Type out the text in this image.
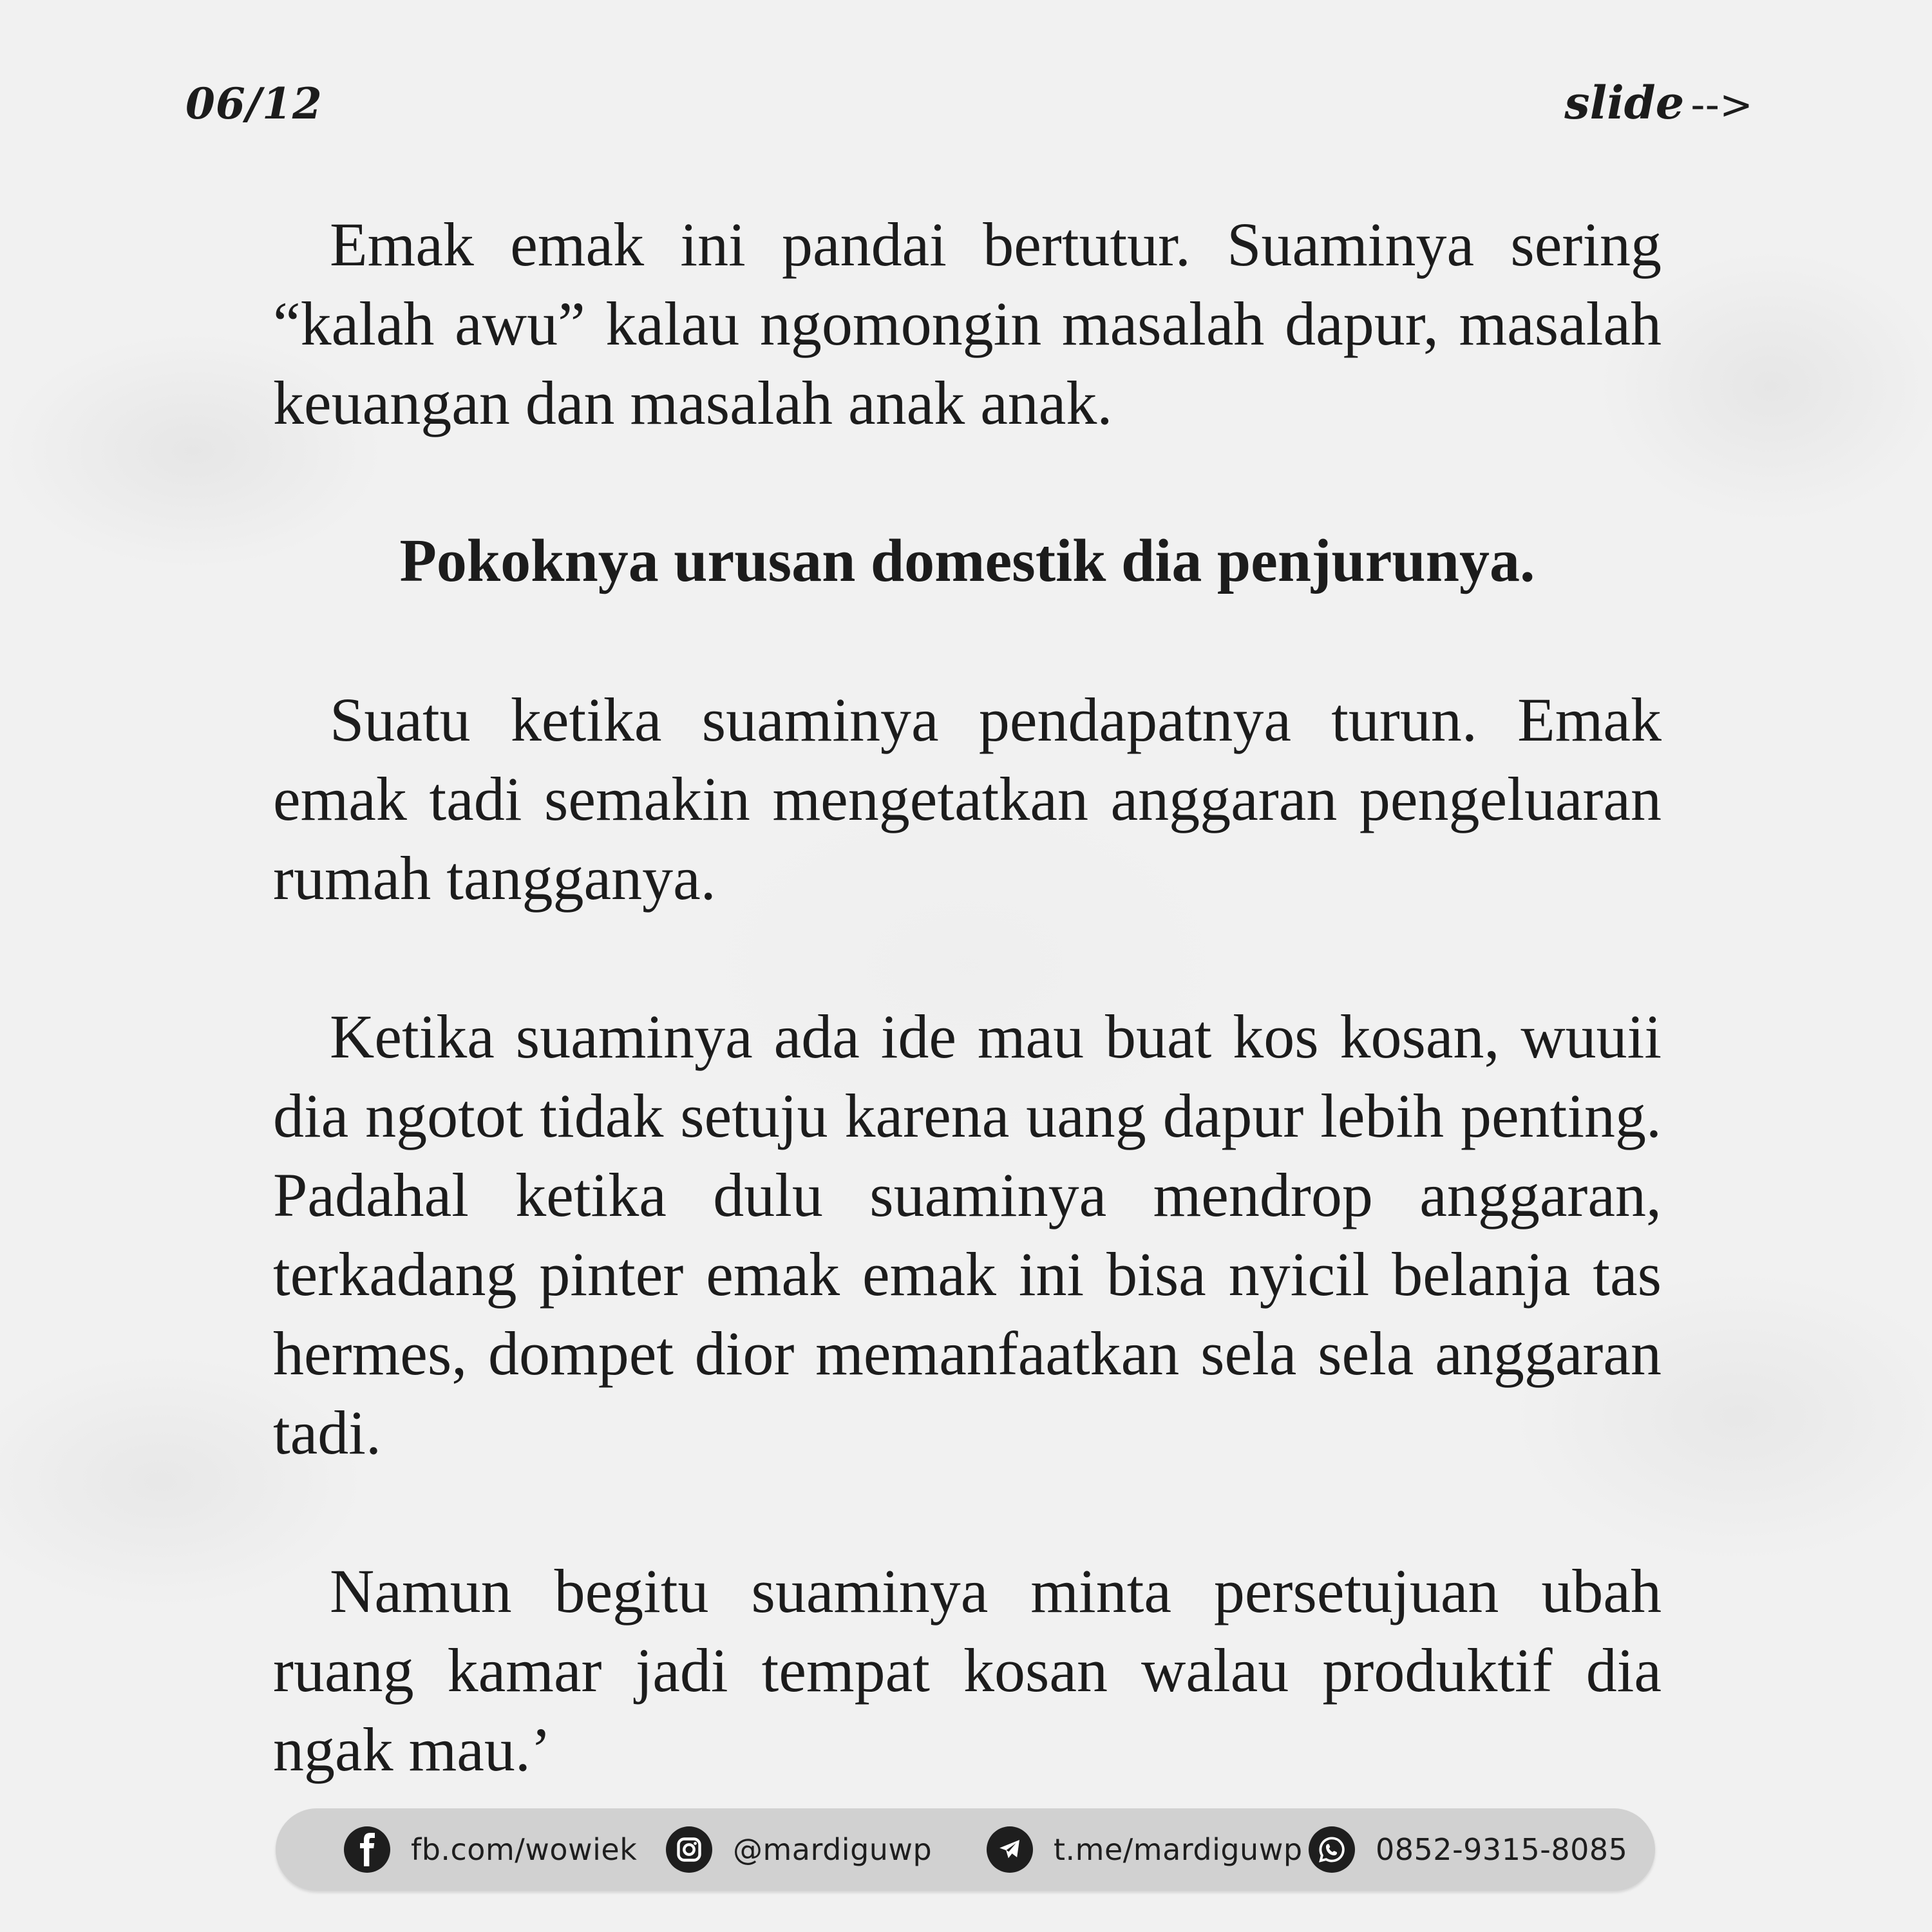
06/12	slide -->

Emak emak ini pandai bertutur. Suaminya sering “kalah awu” kalau ngomongin masalah dapur, masalah keuangan dan masalah anak anak.

Pokoknya urusan domestik dia penjurunya.

Suatu ketika suaminya pendapatnya turun. Emak emak tadi semakin mengetatkan anggaran pengeluaran rumah tangganya.

Ketika suaminya ada ide mau buat kos kosan, wuuii dia ngotot tidak setuju karena uang dapur lebih penting. Padahal ketika dulu suaminya mendrop anggaran, terkadang pinter emak emak ini bisa nyicil belanja tas hermes, dompet dior memanfaatkan sela sela anggaran tadi.

Namun begitu suaminya minta persetujuan ubah ruang kamar jadi tempat kosan walau produktif dia ngak mau.’

fb.com/wowiek	@mardiguwp	t.me/mardiguwp 0852-9315-8085
